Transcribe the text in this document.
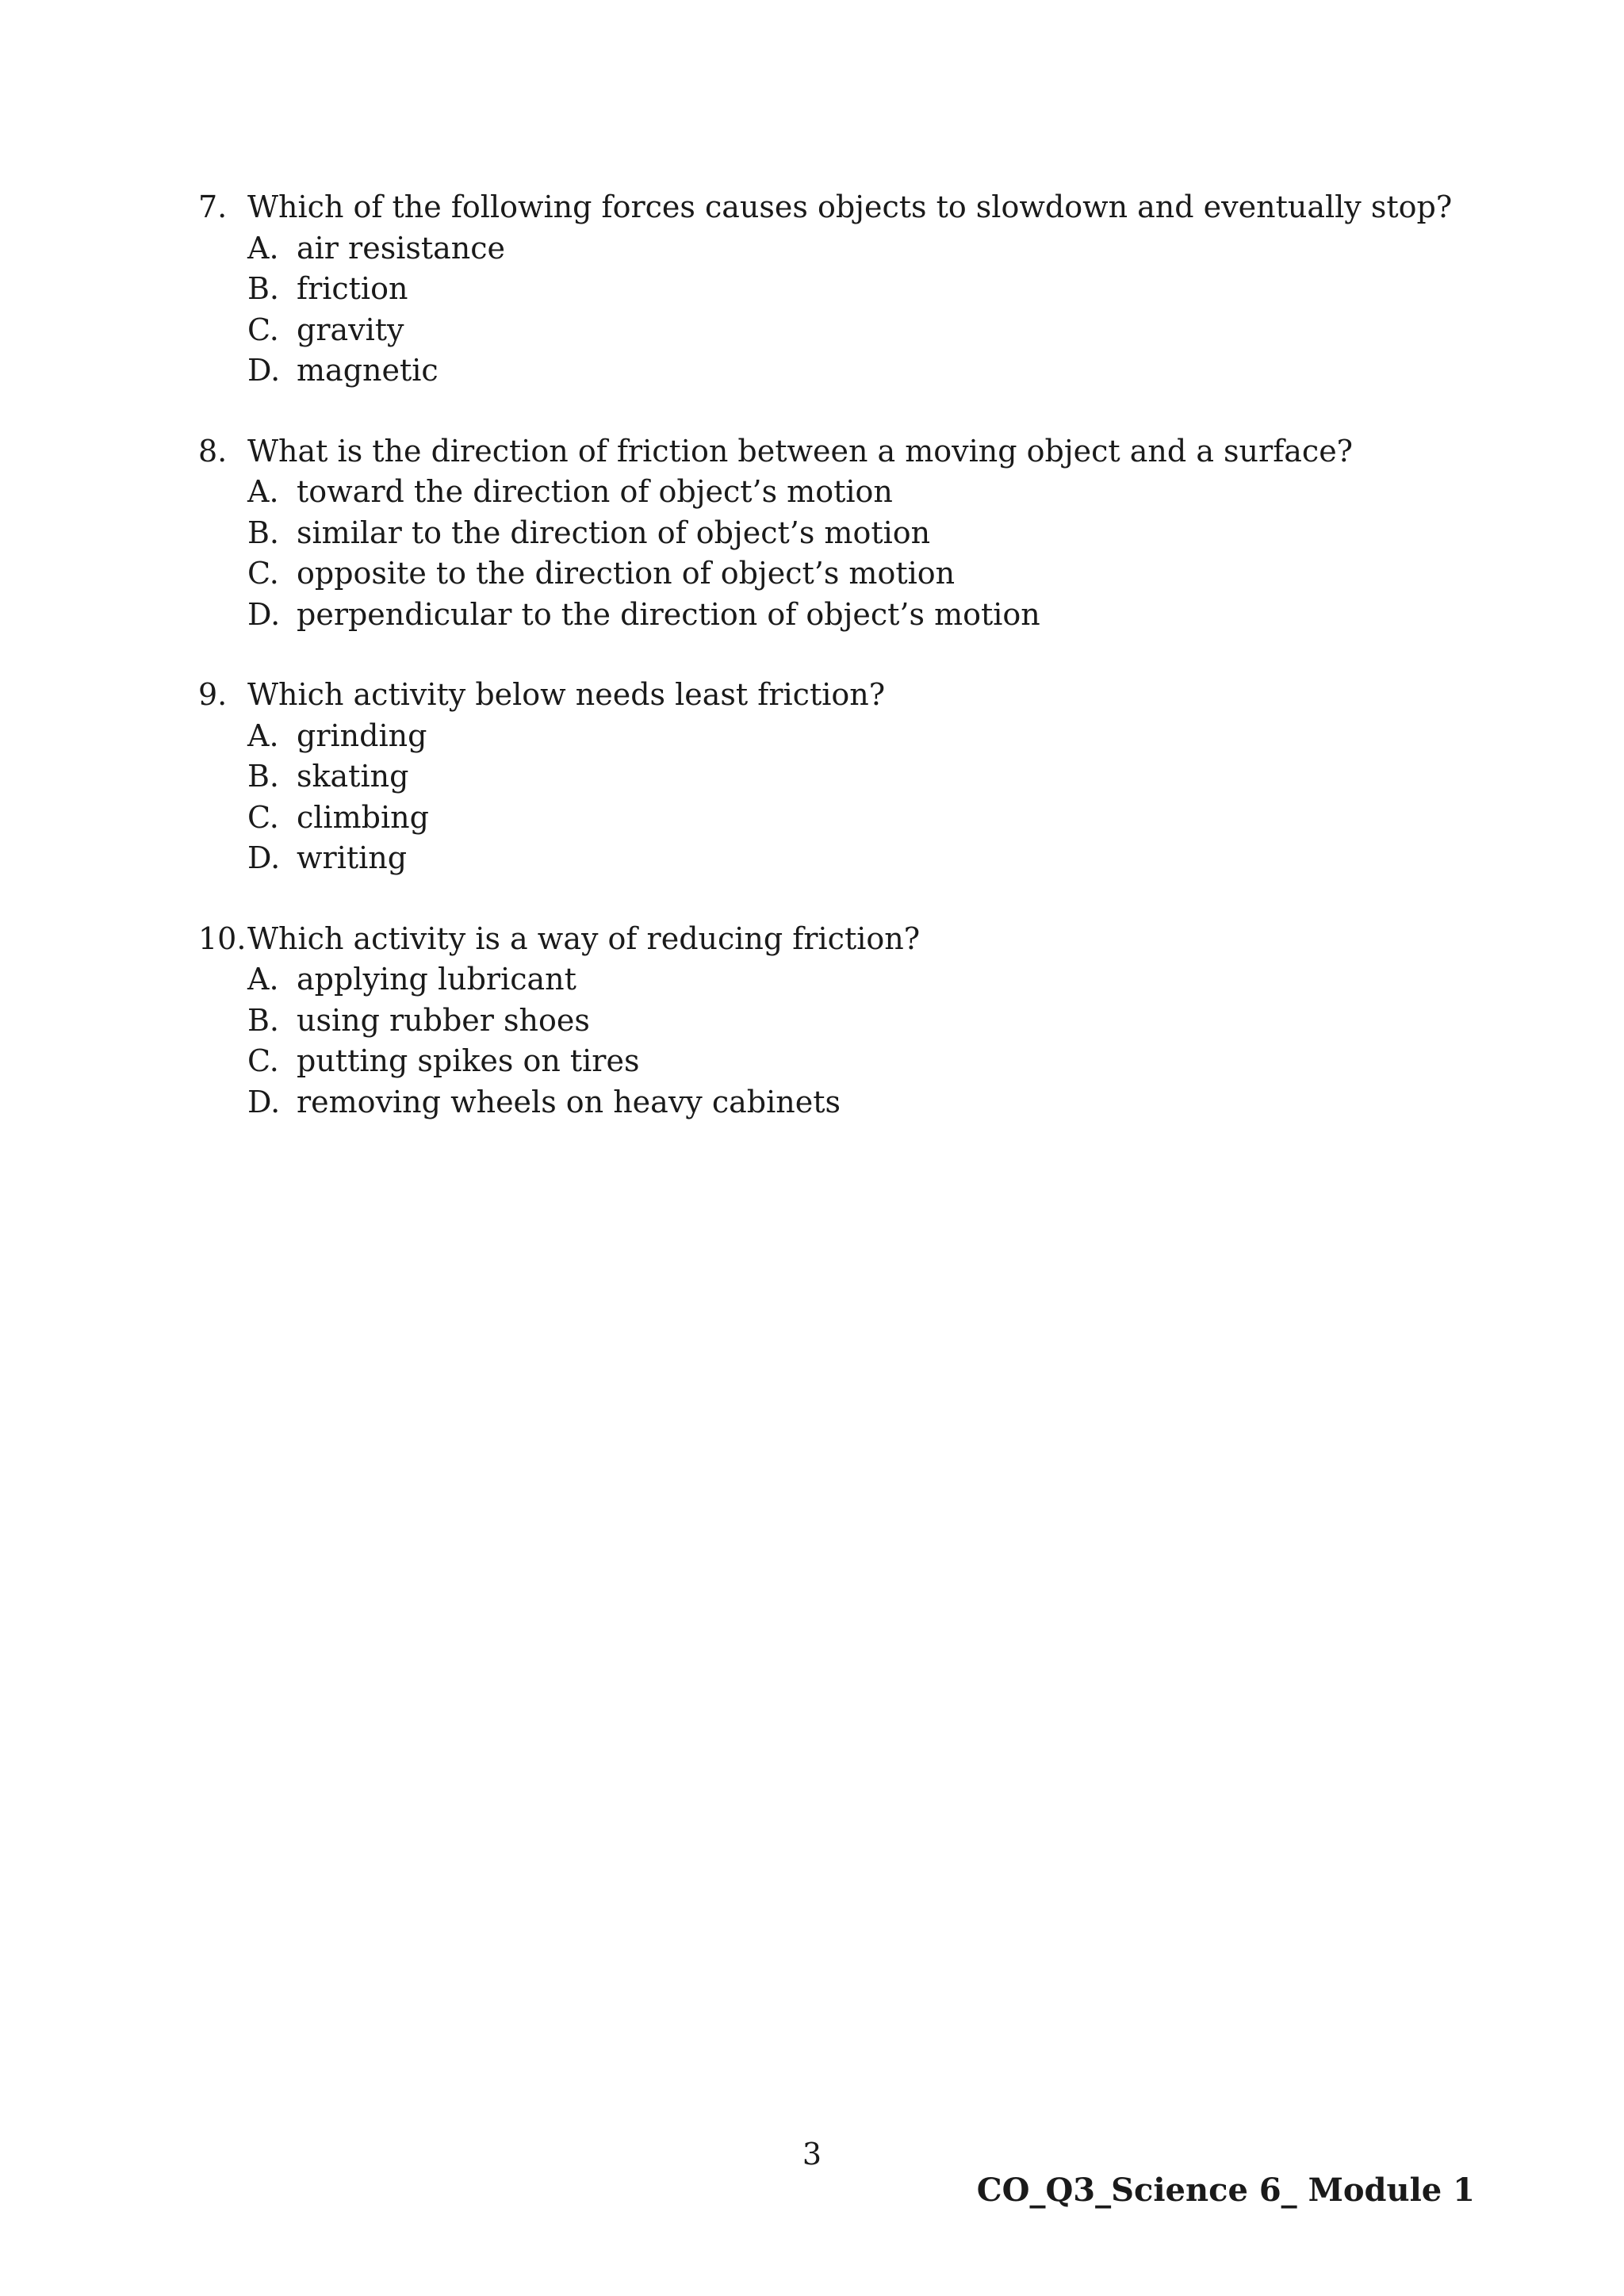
7. Which of the following forces causes objects to slowdown and eventually stop?
A. air resistance
B. friction
C. gravity
D. magnetic
8. What is the direction of friction between a moving object and a surface?
A. toward the direction of object’s motion
B. similar to the direction of object’s motion
C. opposite to the direction of object’s motion
D. perpendicular to the direction of object’s motion
9. Which activity below needs least friction?
A. grinding
B. skating
C. climbing
D. writing
10. Which activity is a way of reducing friction?
A. applying lubricant
B. using rubber shoes
C. putting spikes on tires
D. removing wheels on heavy cabinets
3
CO_Q3_Science 6_ Module 1
